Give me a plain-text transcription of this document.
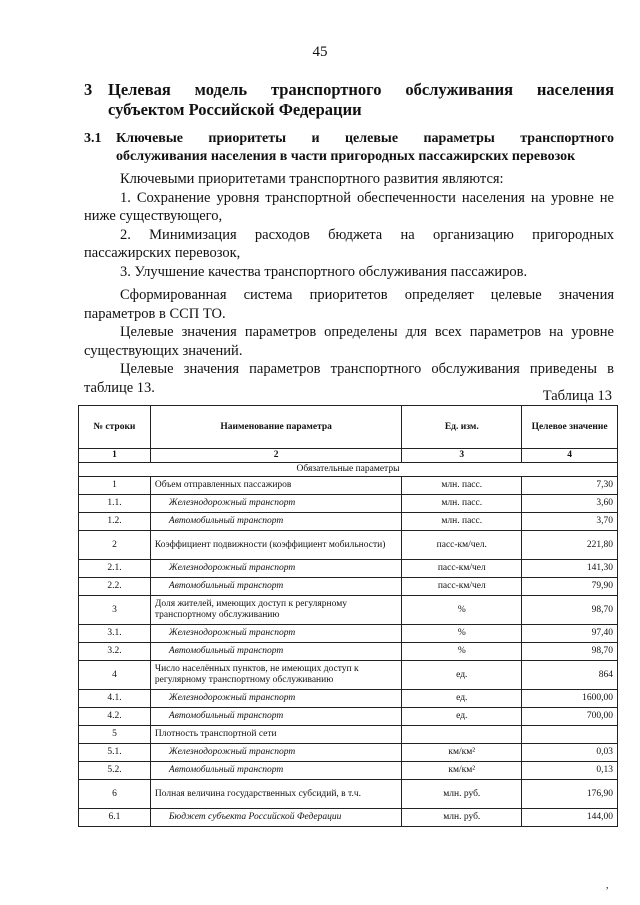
45
3 Целевая модель транспортного обслуживания населения
субъектом Российской Федерации
3.1 Ключевые приоритеты и целевые параметры транспортного
обслуживания населения в части пригородных пассажирских перевозок

Ключевыми приоритетами транспортного развития являются:

1. Сохранение уровня транспортной обеспеченности населения на уровне не ниже существующего,

2. Минимизация расходов бюджета на организацию пригородных пассажирских перевозок,

3. Улучшение качества транспортного обслуживания пассажиров.

Сформированная система приоритетов определяет целевые значения параметров в ССП ТО.

Целевые значения параметров определены для всех параметров на уровне существующих значений.

Целевые значения параметров транспортного обслуживания приведены в таблице 13.

Таблица 13
№ строки	Наименование параметра	Ед. изм.	Целевое значение
1	2	3	4
Обязательные параметры			
1	Объем отправленных пассажиров	млн. пасс.	7,30
1.1.	Железнодорожный транспорт	млн. пасс.	3,60
1.2.	Автомобильный транспорт	млн. пасс.	3,70
2	Коэффициент подвижности (коэффициент мобильности)	пасс-км/чел.	221,80
2.1.	Железнодорожный транспорт	пасс-км/чел	141,30
2.2.	Автомобильный транспорт	пасс-км/чел	79,90
3	Доля жителей, имеющих доступ к регулярному транспортному обслуживанию	%	98,70
3.1.	Железнодорожный транспорт	%	97,40
3.2.	Автомобильный транспорт	%	98,70
4	Число населённых пунктов, не имеющих доступ к регулярному транспортному обслуживанию	ед.	864
4.1.	Железнодорожный транспорт	ед.	1600,00
4.2.	Автомобильный транспорт	ед.	700,00
5	Плотность транспортной сети		
5.1.	Железнодорожный транспорт	км/км²	0,03
5.2.	Автомобильный транспорт	км/км²	0,13
6	Полная величина государственных субсидий, в т.ч.	млн. руб.	176,90
6.1	Бюджет субъекта Российской Федерации	млн. руб.	144,00
,
